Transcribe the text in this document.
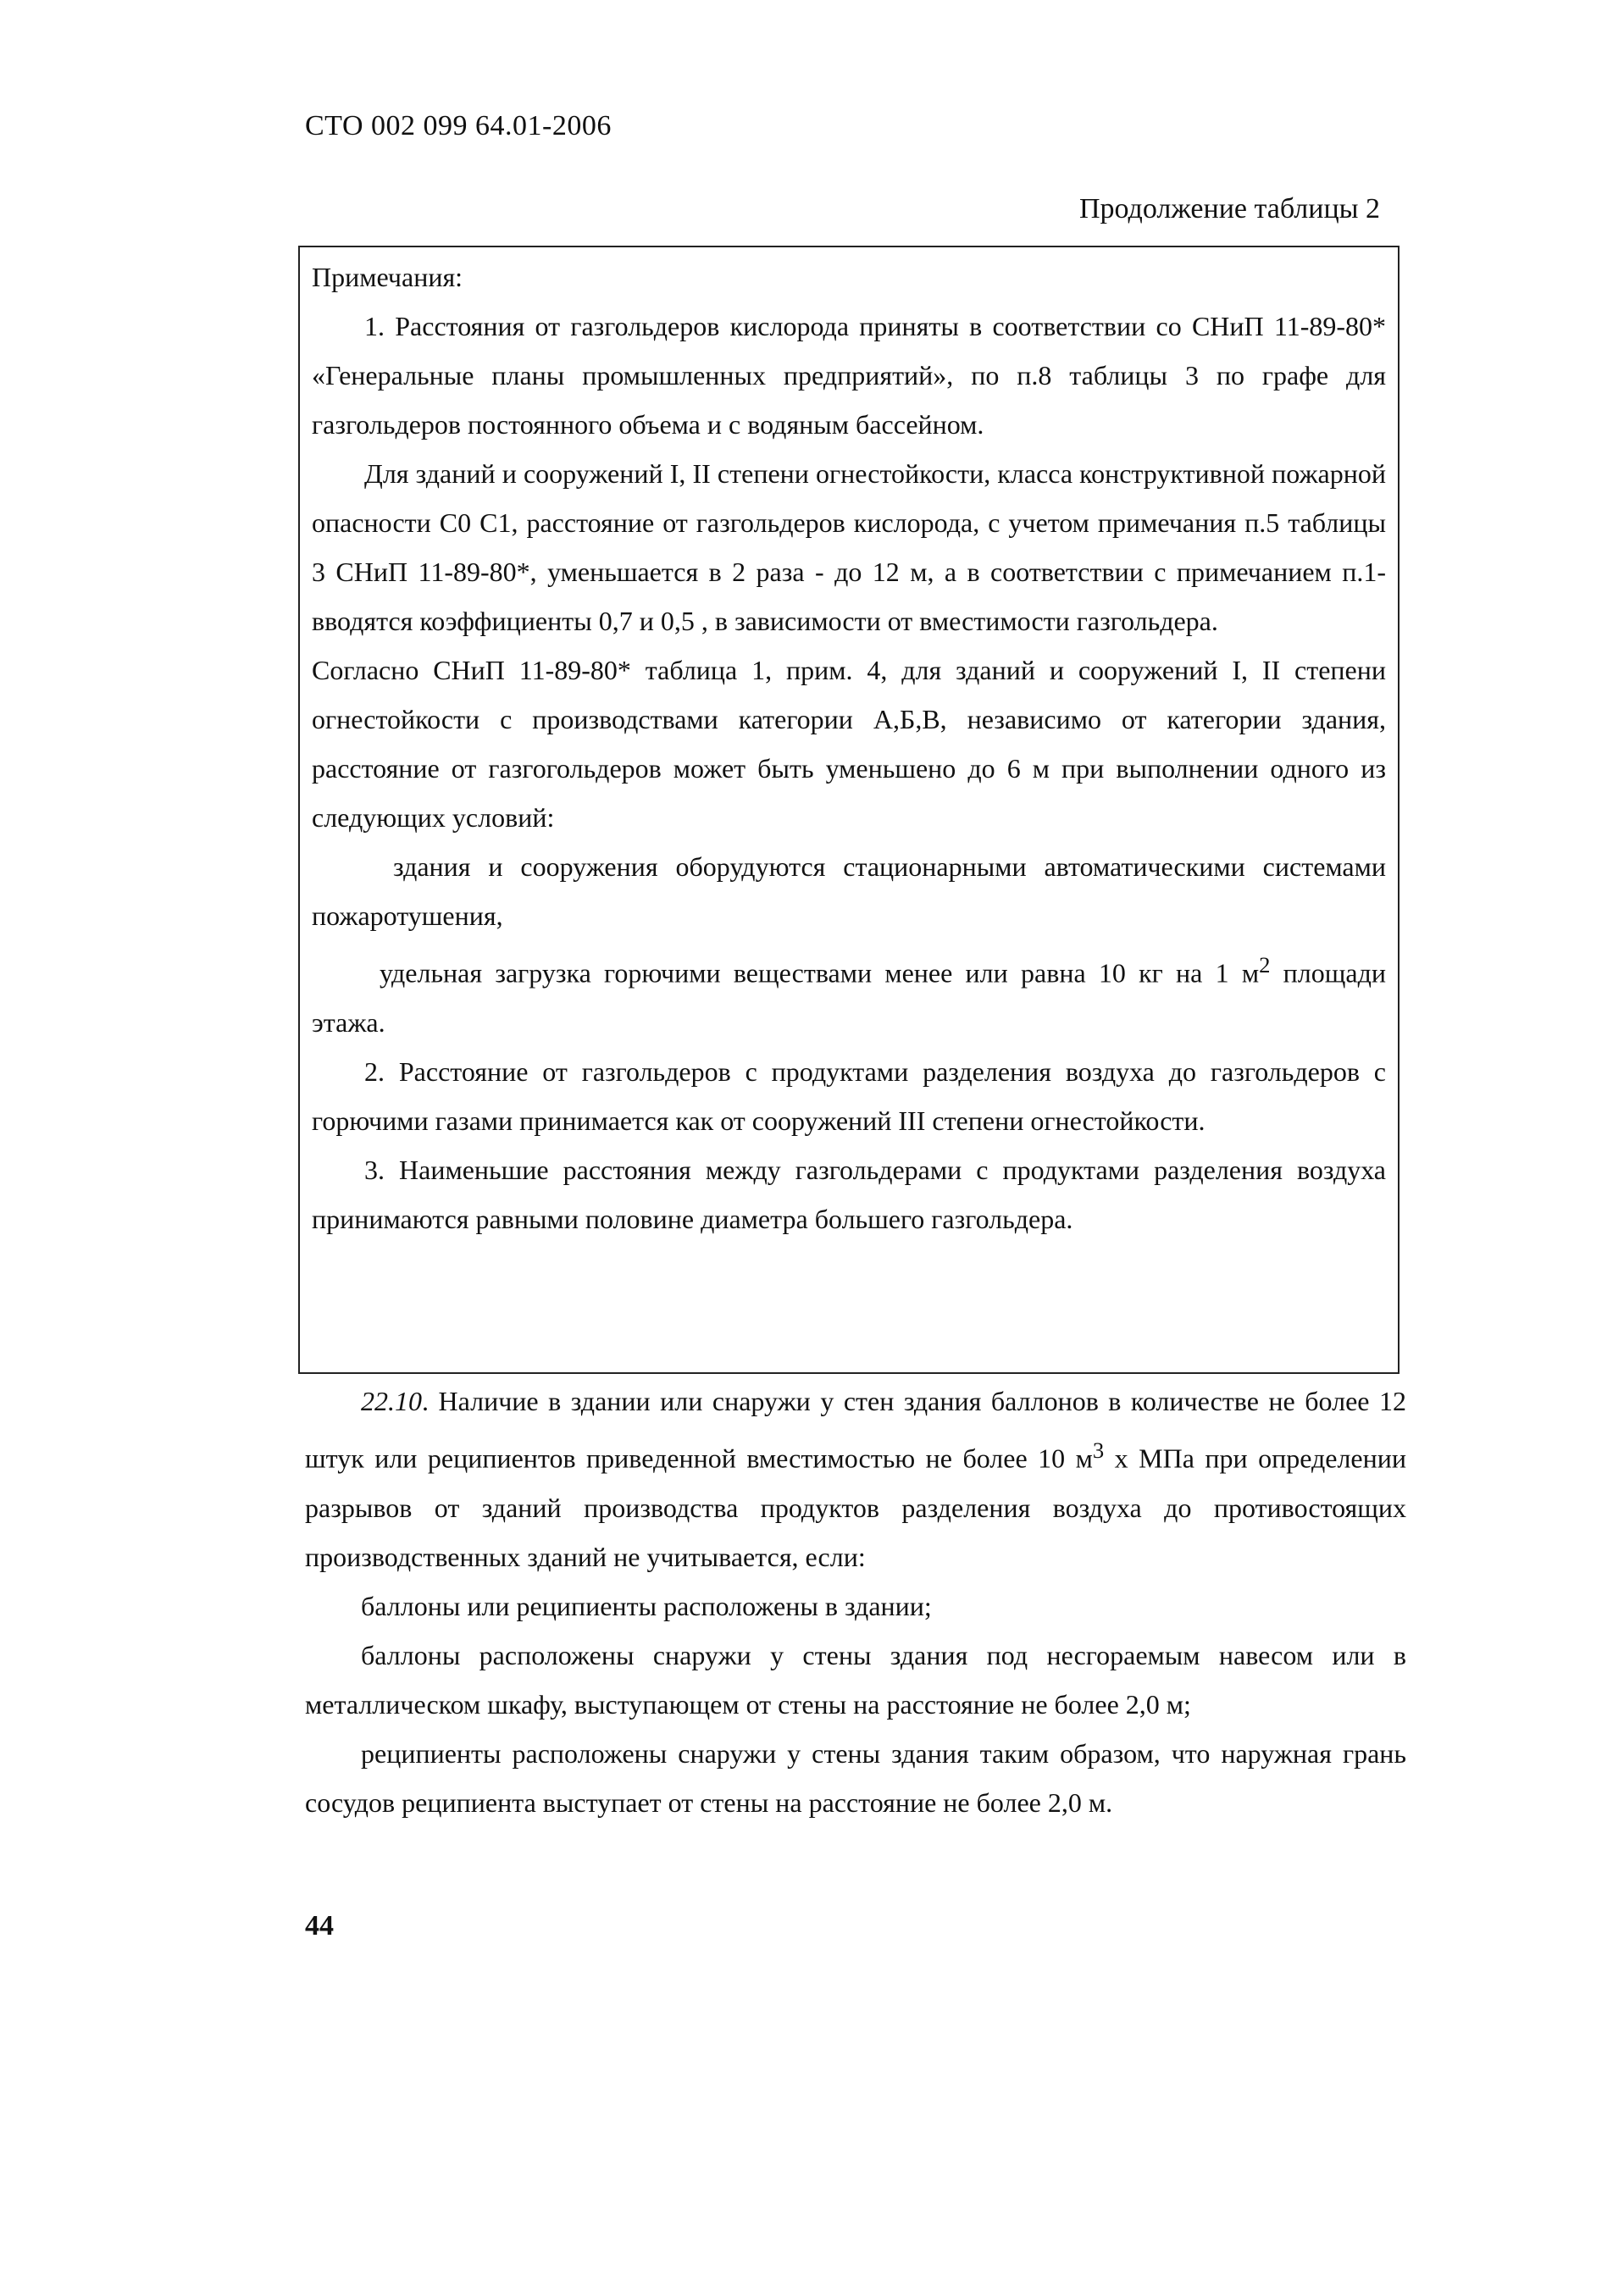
СТО 002 099 64.01-2006
Продолжение таблицы 2

Примечания:

1. Расстояния от газгольдеров кислорода приняты в соответствии со СНиП 11-89-80* «Генеральные планы промышленных предприятий», по п.8 таблицы 3 по графе для газгольдеров постоянного объема и с водяным бассейном.

Для зданий и сооружений I, II степени огнестойкости, класса конструктивной пожарной опасности С0 С1, расстояние от газгольдеров кислорода, с учетом примечания п.5 таблицы 3 СНиП 11-89-80*, уменьшается в 2 раза - до 12 м, а в соответствии с примечанием п.1- вводятся коэффициенты 0,7 и 0,5 , в зависимости от вместимости газгольдера.

Согласно СНиП 11-89-80* таблица 1, прим. 4, для зданий и сооружений I, II степени огнестойкости с производствами категории А,Б,В, независимо от категории здания, расстояние от газгогольдеров может быть уменьшено до 6 м при выполнении одного из следующих условий:

здания и сооружения оборудуются стационарными автоматическими системами пожаротушения,

удельная загрузка горючими веществами менее или равна 10 кг на 1 $м^2$ площади этажа.

2. Расстояние от газгольдеров с продуктами разделения воздуха до газгольдеров с горючими газами принимается как от сооружений III степени огнестойкости.

3. Наименьшие расстояния между газгольдерами с продуктами разделения воздуха принимаются равными половине диаметра большего газгольдера.

22.10. Наличие в здании или снаружи у стен здания баллонов в количестве не более 12 штук или реципиентов приведенной вместимостью не более 10 $м^3$ х МПа при определении разрывов от зданий производства продуктов разделения воздуха до противостоящих производственных зданий не учитывается, если:

баллоны или реципиенты расположены в здании;

баллоны расположены снаружи у стены здания под несгораемым навесом или в металлическом шкафу, выступающем от стены на расстояние не более 2,0 м;

реципиенты расположены снаружи у стены здания таким образом, что наружная грань сосудов реципиента выступает от стены на расстояние не более 2,0 м.

44
